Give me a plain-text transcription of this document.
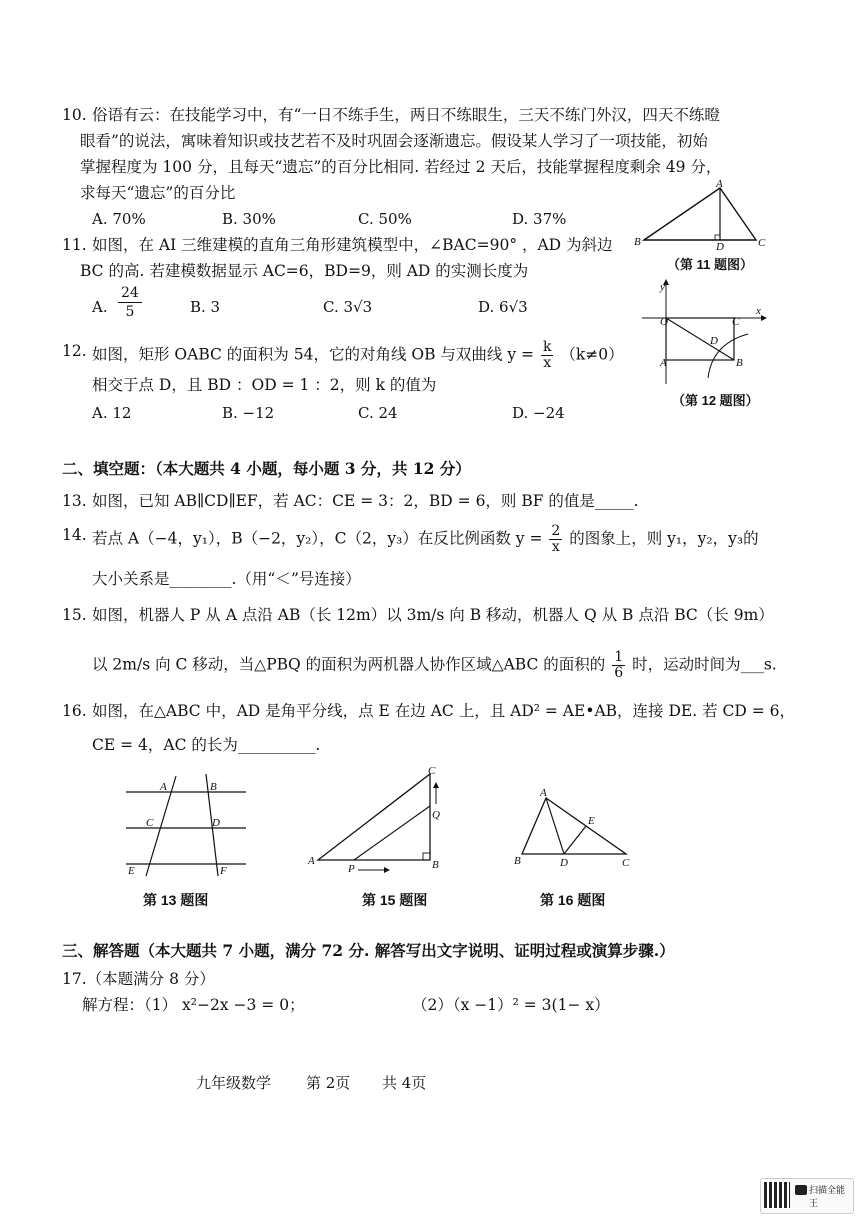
10. 俗语有云：在技能学习中，有“一日不练手生，两日不练眼生，三天不练门外汉，四天不练瞪
眼看”的说法，寓味着知识或技艺若不及时巩固会逐渐遗忘。假设某人学习了一项技能，初始
掌握程度为 100 分，且每天“遗忘”的百分比相同. 若经过 2 天后，技能掌握程度剩余 49 分，
求每天“遗忘”的百分比
A. 70%	B. 30%	C. 50%	D. 37%
B
A
D	C
（第 11 题图）
11. 如图，在 AI 三维建模的直角三角形建筑模型中，∠BAC=90° ，AD 为斜边
BC 的高. 若建模数据显示 AC=6，BD=9，则 AD 的实测长度为
A. $\frac{24}{5}$	B. 3	C. 3√3	D. 6√3
y
x
O	C
D
A	B
（第 12 题图）
12. 如图，矩形 OABC 的面积为 54，它的对角线 OB 与双曲线 $y = \frac{k}{x} (k\ne 0)$
相交于点 D，且 BD ：OD = 1 ：2，则 k 的值为
A. 12	B. −12	C. 24	D. −24
二、填空题：（本大题共 4 小题，每小题 3 分，共 12 分）
13. 如图，已知 AB∥CD∥EF，若 AC：CE = 3：2，BD = 6，则 BF 的值是_____.
14. 若点 A（−4，y₁），B（−2，y₂），C（2，y₃）在反比例函数 $y = \frac{2}{x}$ 的图象上，则 y₁，y₂，y₃的
大小关系是________.（用“＜”号连接）
15. 如图，机器人 P 从 A 点沿 AB（长 12m）以 3m/s 向 B 移动，机器人 Q 从 B 点沿 BC（长 9m）
以 2m/s 向 C 移动，当△PBQ 的面积为两机器人协作区域△ABC 的面积的 $\frac{1}{6}$ 时，运动时间为___s.
16. 如图，在△ABC 中，AD 是角平分线，点 E 在边 AC 上，且 AD² = AE•AB，连接 DE. 若 CD = 6，
CE = 4，AC 的长为__________.
A	B
C	D
E	F
第 13 题图
A
P	B
C
Q
第 15 题图
A
B	D
E
C
第 16 题图
三、解答题（本大题共 7 小题，满分 72 分. 解答写出文字说明、证明过程或演算步骤.）
17.（本题满分 8 分）
解方程：（1） x²−2x −3 = 0；	（2）（x −1）² = 3(1− x）
九年级数学 第 2页 共 4页
扫描全能王
